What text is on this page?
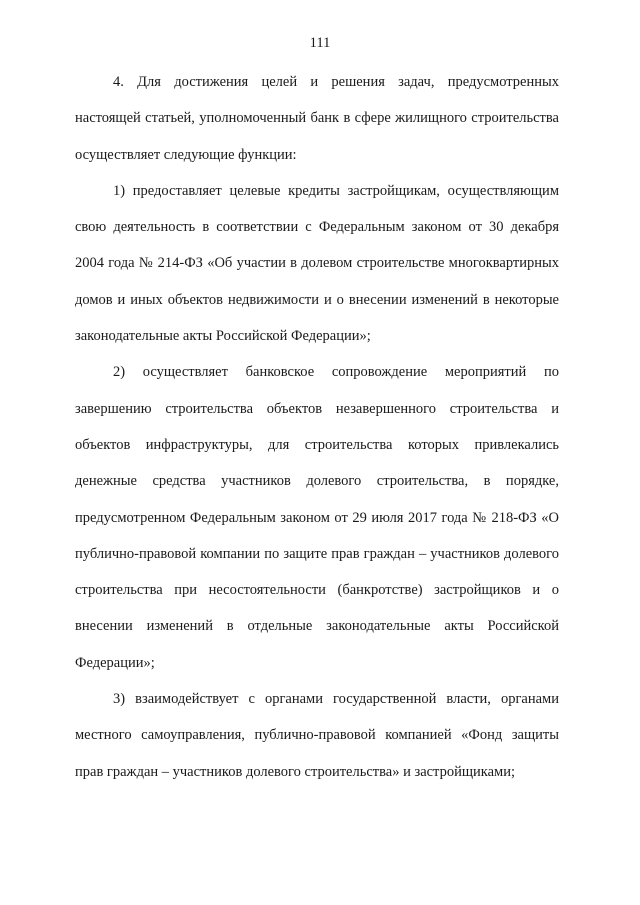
111

4. Для достижения целей и решения задач, предусмотренных настоящей статьей, уполномоченный банк в сфере жилищного строительства осуществляет следующие функции:

1) предоставляет целевые кредиты застройщикам, осуществляющим свою деятельность в соответствии с Федеральным законом от 30 декабря 2004 года № 214-ФЗ «Об участии в долевом строительстве многоквартирных домов и иных объектов недвижимости и о внесении изменений в некоторые законодательные акты Российской Федерации»;

2) осуществляет банковское сопровождение мероприятий по завершению строительства объектов незавершенного строительства и объектов инфраструктуры, для строительства которых привлекались денежные средства участников долевого строительства, в порядке, предусмотренном Федеральным законом от 29 июля 2017 года № 218-ФЗ «О публично-правовой компании по защите прав граждан – участников долевого строительства при несостоятельности (банкротстве) застройщиков и о внесении изменений в отдельные законодательные акты Российской Федерации»;

3) взаимодействует с органами государственной власти, органами местного самоуправления, публично-правовой компанией «Фонд защиты прав граждан – участников долевого строительства» и застройщиками;
